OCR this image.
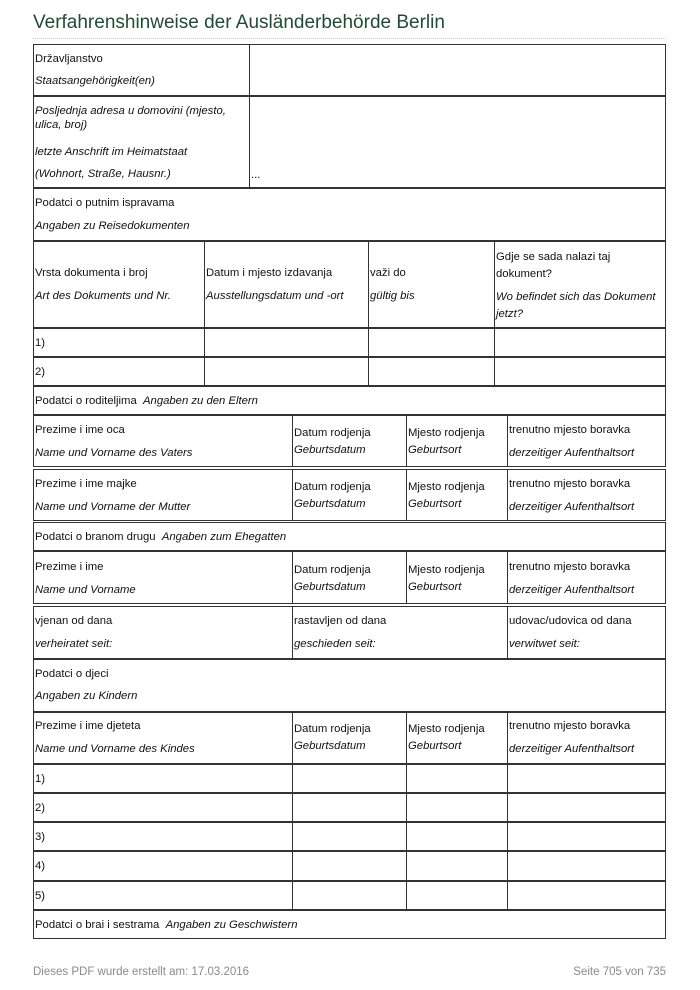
Verfahrenshinweise der Ausländerbehörde Berlin
Državljanstvo
Staatsangehörigkeit(en)
Posljednja adresa u domovini (mjesto, ulica, broj)
letzte Anschrift im Heimatstaat
(Wohnort, Straße, Hausnr.)	...
Podatci o putnim ispravama
Angaben zu Reisedokumenten
Vrsta dokumenta i broj
Art des Dokuments und Nr.
Datum i mjesto izdavanja
Ausstellungsdatum und -ort
važi do
gültig bis
Gdje se sada nalazi taj dokument?
Wo befindet sich das Dokument jetzt?
1)
2)
Podatci o roditeljima Angaben zu den Eltern
Prezime i ime oca
Name und Vorname des Vaters
Datum rodjenja
Geburtsdatum
Mjesto rodjenja
Geburtsort
trenutno mjesto boravka
derzeitiger Aufenthaltsort
Prezime i ime majke
Name und Vorname der Mutter
Datum rodjenja
Geburtsdatum
Mjesto rodjenja
Geburtsort
trenutno mjesto boravka
derzeitiger Aufenthaltsort
Podatci o branom drugu Angaben zum Ehegatten
Prezime i ime
Name und Vorname
Datum rodjenja
Geburtsdatum
Mjesto rodjenja
Geburtsort
trenutno mjesto boravka
derzeitiger Aufenthaltsort
vjenan od dana
verheiratet seit:
rastavljen od dana
geschieden seit:
udovac/udovica od dana
verwitwet seit:
Podatci o djeci
Angaben zu Kindern
Prezime i ime djeteta
Name und Vorname des Kindes
Datum rodjenja
Geburtsdatum
Mjesto rodjenja
Geburtsort
trenutno mjesto boravka
derzeitiger Aufenthaltsort
1)
2)
3)
4)
5)
Podatci o brai i sestrama Angaben zu Geschwistern
Dieses PDF wurde erstellt am: 17.03.2016	Seite 705 von 735
